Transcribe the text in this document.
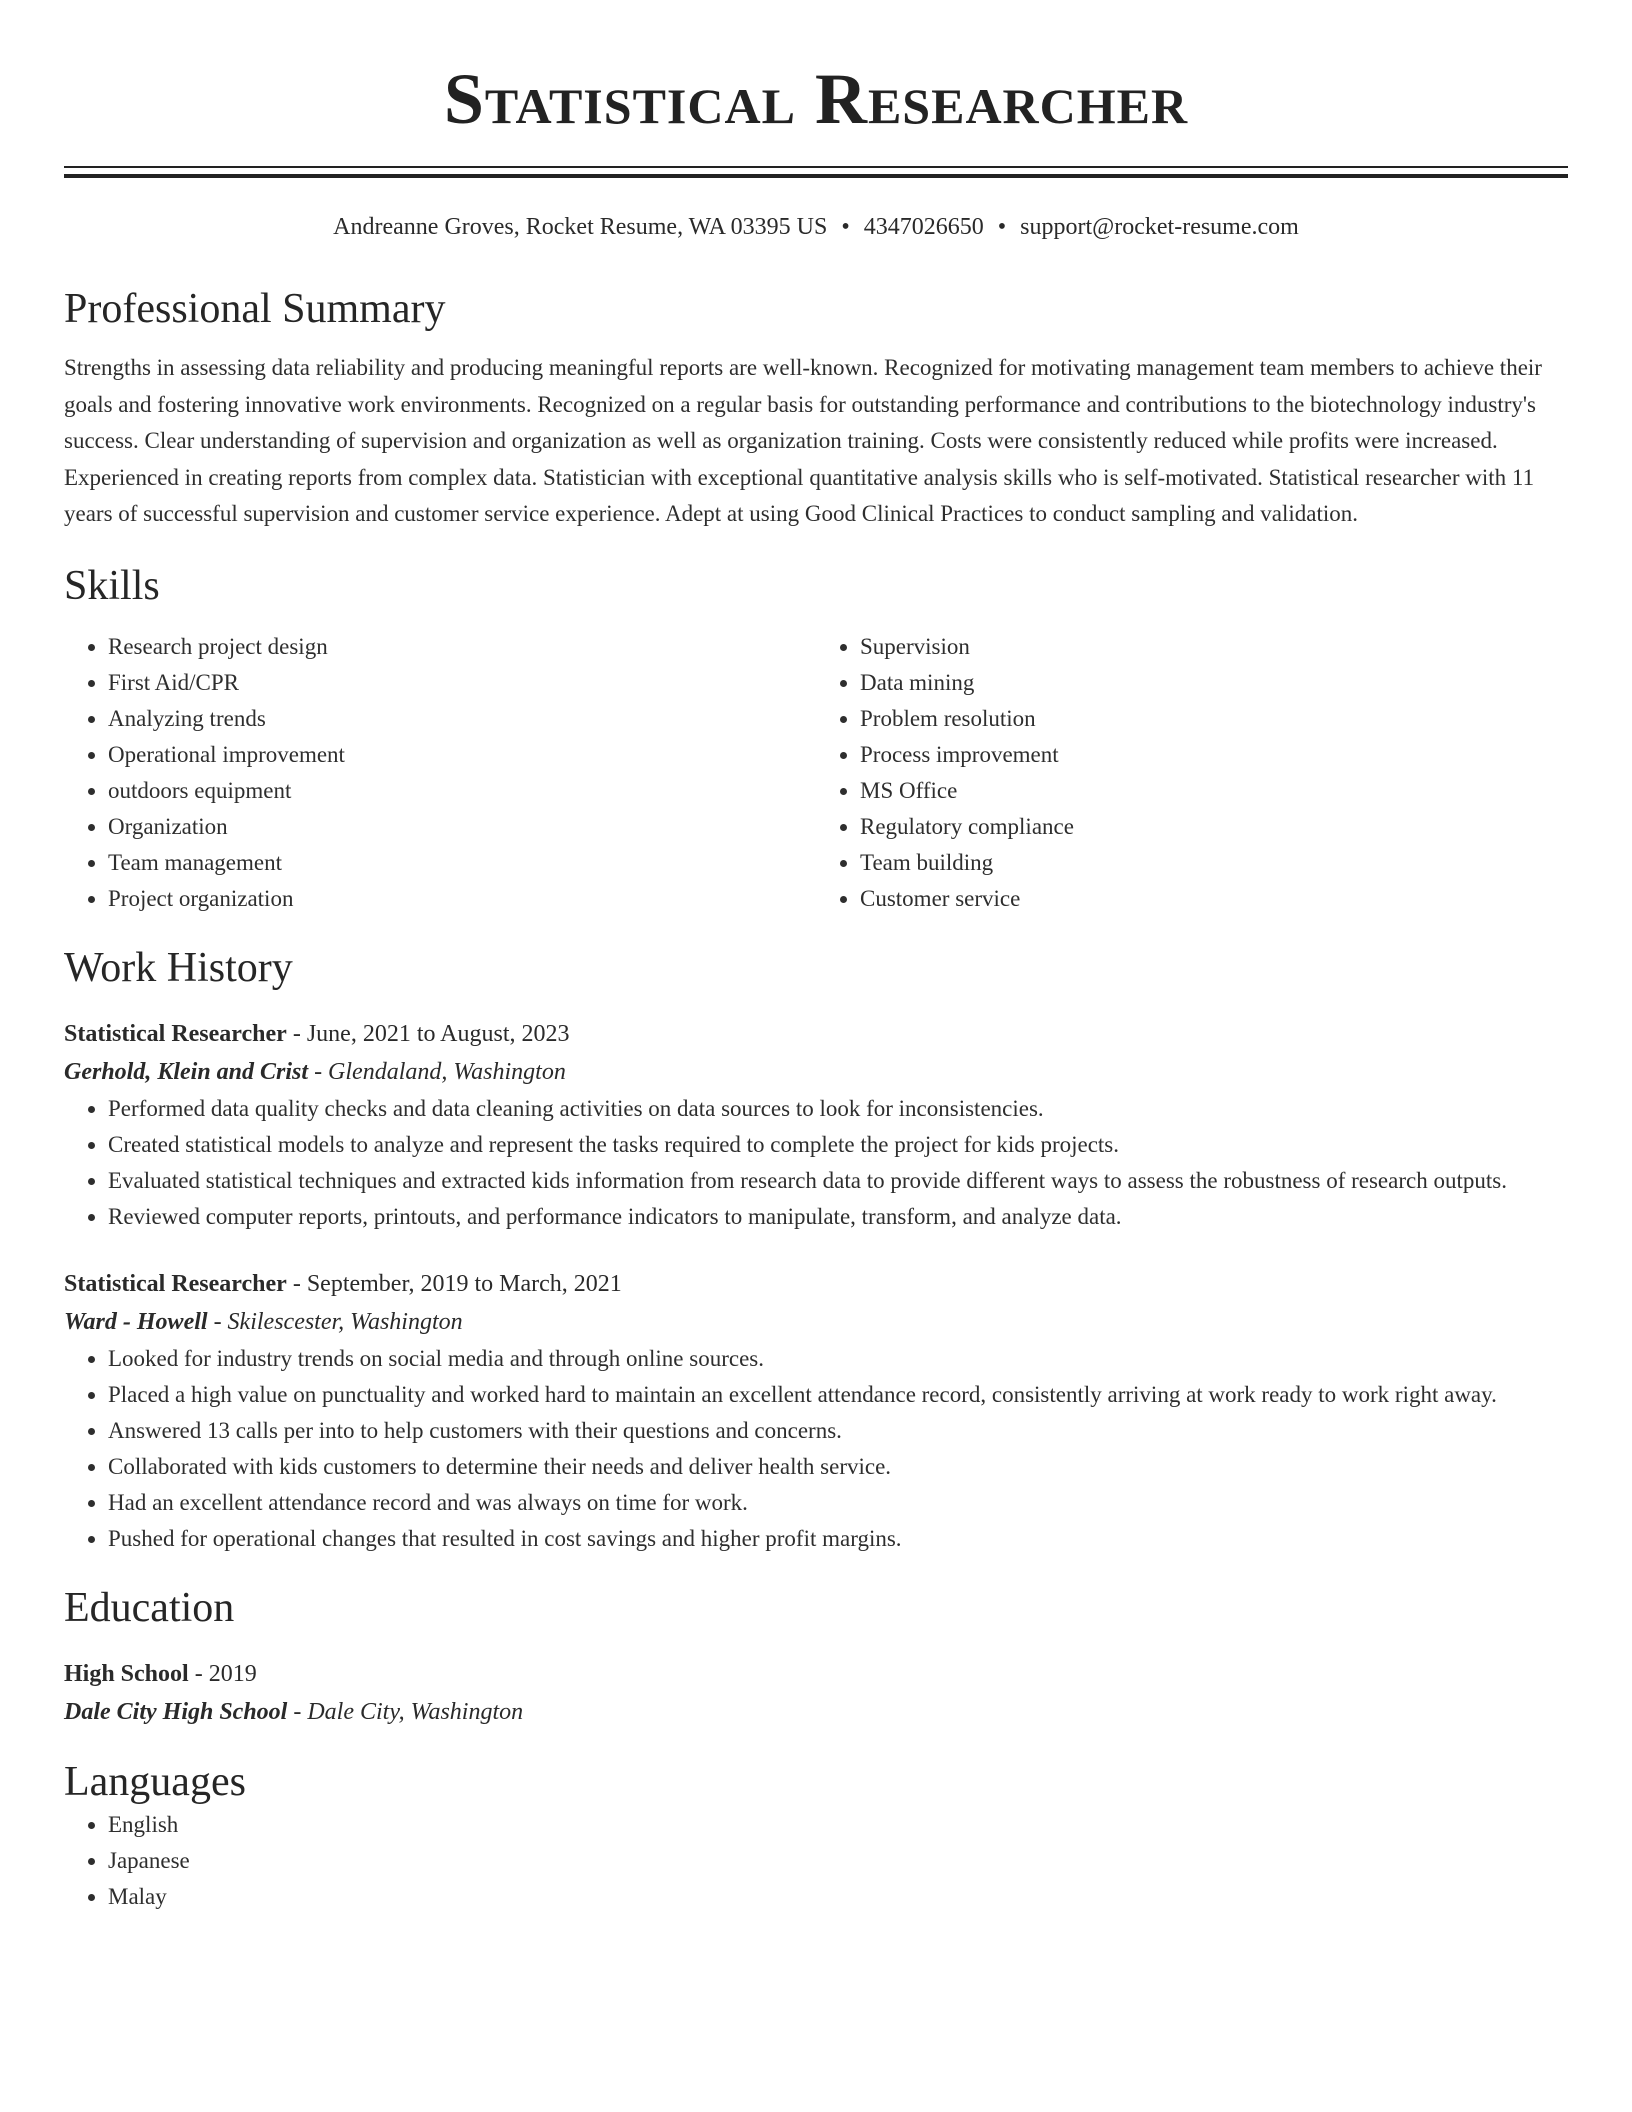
Statistical Researcher
Andreanne Groves, Rocket Resume, WA 03395 US • 4347026650 • support@rocket-resume.com
Professional Summary
Strengths in assessing data reliability and producing meaningful reports are well-known. Recognized for motivating management team members to achieve their goals and fostering innovative work environments. Recognized on a regular basis for outstanding performance and contributions to the biotechnology industry's success. Clear understanding of supervision and organization as well as organization training. Costs were consistently reduced while profits were increased. Experienced in creating reports from complex data. Statistician with exceptional quantitative analysis skills who is self-motivated. Statistical researcher with 11 years of successful supervision and customer service experience. Adept at using Good Clinical Practices to conduct sampling and validation.
Skills
• Research project design
• First Aid/CPR
• Analyzing trends
• Operational improvement
• outdoors equipment
• Organization
• Team management
• Project organization
• Supervision
• Data mining
• Problem resolution
• Process improvement
• MS Office
• Regulatory compliance
• Team building
• Customer service
Work History
Statistical Researcher - June, 2021 to August, 2023
Gerhold, Klein and Crist - Glendaland, Washington
• Performed data quality checks and data cleaning activities on data sources to look for inconsistencies.
• Created statistical models to analyze and represent the tasks required to complete the project for kids projects.
• Evaluated statistical techniques and extracted kids information from research data to provide different ways to assess the robustness of research outputs.
• Reviewed computer reports, printouts, and performance indicators to manipulate, transform, and analyze data.
Statistical Researcher - September, 2019 to March, 2021
Ward - Howell - Skilescester, Washington
• Looked for industry trends on social media and through online sources.
• Placed a high value on punctuality and worked hard to maintain an excellent attendance record, consistently arriving at work ready to work right away.
• Answered 13 calls per into to help customers with their questions and concerns.
• Collaborated with kids customers to determine their needs and deliver health service.
• Had an excellent attendance record and was always on time for work.
• Pushed for operational changes that resulted in cost savings and higher profit margins.
Education
High School - 2019
Dale City High School - Dale City, Washington
Languages
• English
• Japanese
• Malay
